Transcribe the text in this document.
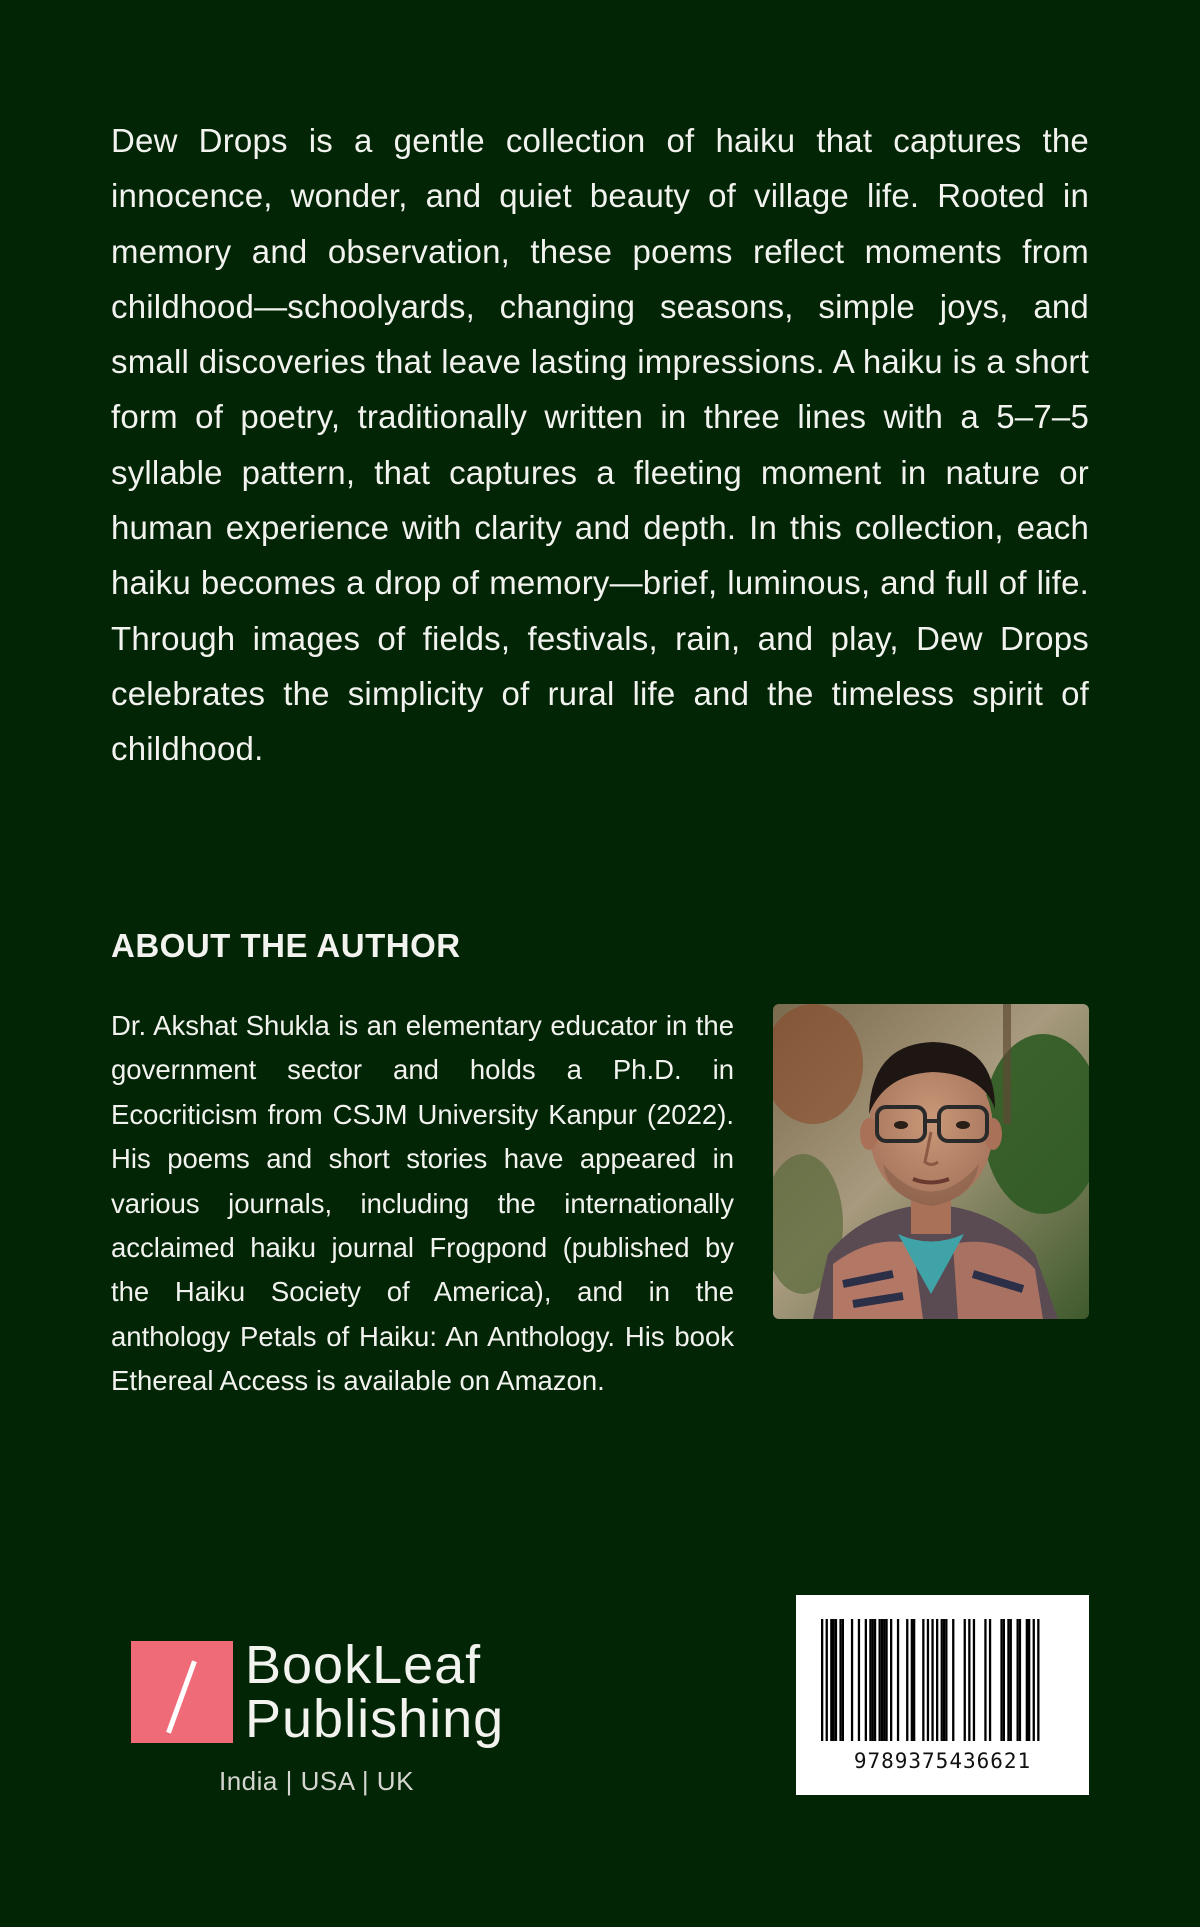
Dew Drops is a gentle collection of haiku that captures the innocence, wonder, and quiet beauty of village life. Rooted in memory and observation, these poems reflect moments from childhood—schoolyards, changing seasons, simple joys, and small discoveries that leave lasting impressions. A haiku is a short form of poetry, traditionally written in three lines with a 5–7–5 syllable pattern, that captures a fleeting moment in nature or human experience with clarity and depth. In this collection, each haiku becomes a drop of memory—brief, luminous, and full of life. Through images of fields, festivals, rain, and play, Dew Drops celebrates the simplicity of rural life and the timeless spirit of childhood.

ABOUT THE AUTHOR

Dr. Akshat Shukla is an elementary educator in the government sector and holds a Ph.D. in Ecocriticism from CSJM University Kanpur (2022). His poems and short stories have appeared in various journals, including the internationally acclaimed haiku journal Frogpond (published by the Haiku Society of America), and in the anthology Petals of Haiku: An Anthology. His book Ethereal Access is available on Amazon.

BookLeaf
Publishing
India | USA | UK
9789375436621
